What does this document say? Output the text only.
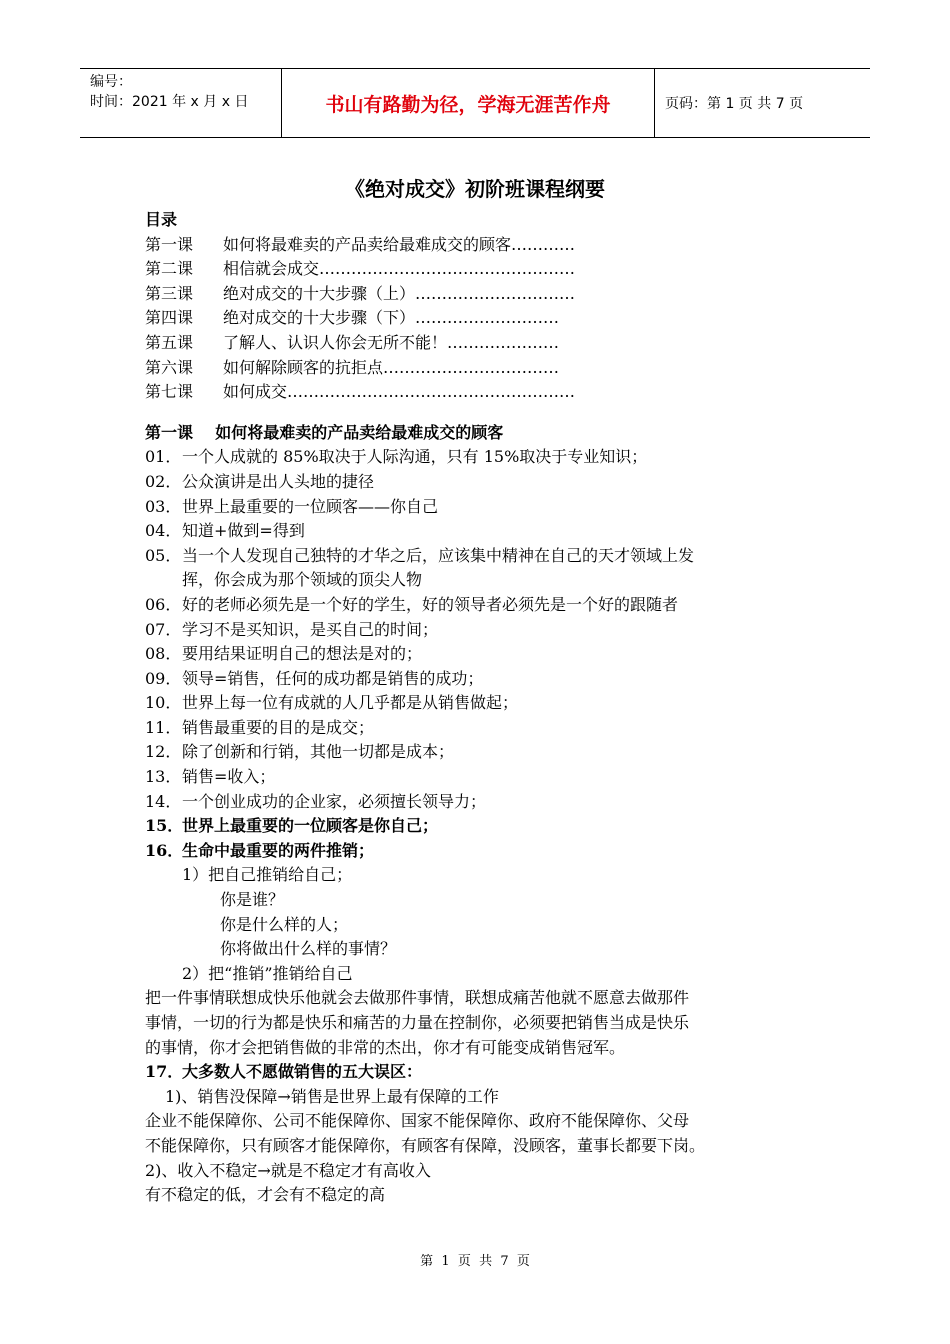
编号：
时间：2021 年 x 月 x 日	书山有路勤为径，学海无涯苦作舟	页码：第 1 页 共 7 页
《绝对成交》初阶班课程纲要
目录
第一课 如何将最难卖的产品卖给最难成交的顾客…………
第二课 相信就会成交…………………………………………
第三课 绝对成交的十大步骤（上）…………………………
第四课 绝对成交的十大步骤（下）………………………
第五课 了解人、认识人你会无所不能！…………………
第六课 如何解除顾客的抗拒点……………………………
第七课 如何成交………………………………………………
第一课    如何将最难卖的产品卖给最难成交的顾客
01． 一个人成就的 85%取决于人际沟通，只有 15%取决于专业知识；
02． 公众演讲是出人头地的捷径
03． 世界上最重要的一位顾客——你自己
04． 知道+做到=得到
05． 当一个人发现自己独特的才华之后，应该集中精神在自己的天才领域上发
挥，你会成为那个领域的顶尖人物
06． 好的老师必须先是一个好的学生，好的领导者必须先是一个好的跟随者
07． 学习不是买知识，是买自己的时间；
08． 要用结果证明自己的想法是对的；
09． 领导=销售，任何的成功都是销售的成功；
10． 世界上每一位有成就的人几乎都是从销售做起；
11． 销售最重要的目的是成交；
12． 除了创新和行销，其他一切都是成本；
13． 销售=收入；
14． 一个创业成功的企业家，必须擅长领导力；
15．
世界上最重要的一位顾客是你自己；
16．
生命中最重要的两件推销；
1）把自己推销给自己；
你是谁？
你是什么样的人；
你将做出什么样的事情？
2）把“推销”推销给自己
把一件事情联想成快乐他就会去做那件事情，联想成痛苦他就不愿意去做那件
事情，一切的行为都是快乐和痛苦的力量在控制你，必须要把销售当成是快乐
的事情，你才会把销售做的非常的杰出，你才有可能变成销售冠军。
17．
大多数人不愿做销售的五大误区：
1)、销售没保障→销售是世界上最有保障的工作
企业不能保障你、公司不能保障你、国家不能保障你、政府不能保障你、父母
不能保障你，只有顾客才能保障你，有顾客有保障，没顾客，董事长都要下岗。
2)、收入不稳定→就是不稳定才有高收入
有不稳定的低，才会有不稳定的高
第  1  页  共  7  页
